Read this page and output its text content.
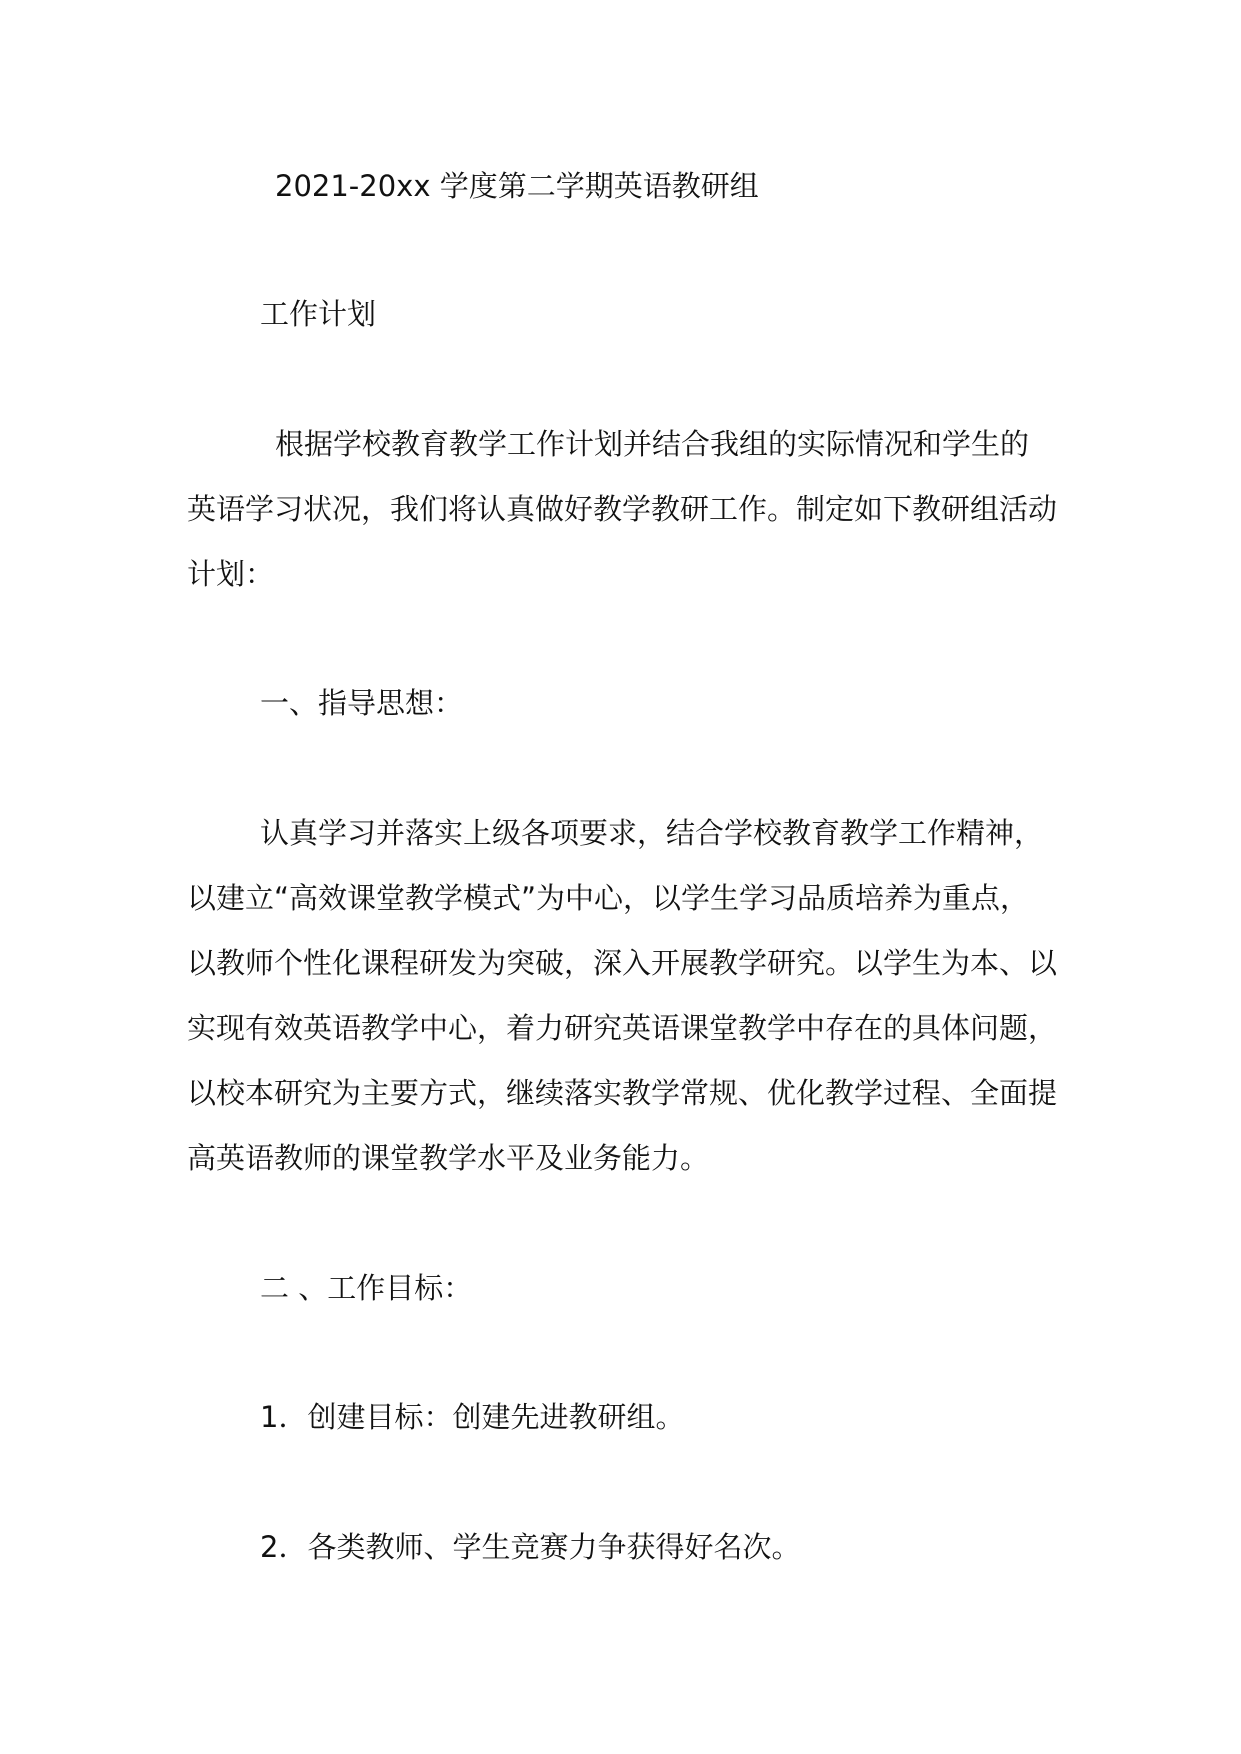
2021-20xx 学度第二学期英语教研组

工作计划

根据学校教育教学工作计划并结合我组的实际情况和学生的

英语学习状况，我们将认真做好教学教研工作。制定如下教研组活动

计划：

一、指导思想：

认真学习并落实上级各项要求，结合学校教育教学工作精神，

以建立“高效课堂教学模式”为中心，以学生学习品质培养为重点，

以教师个性化课程研发为突破，深入开展教学研究。以学生为本、以

实现有效英语教学中心，着力研究英语课堂教学中存在的具体问题，

以校本研究为主要方式，继续落实教学常规、优化教学过程、全面提

高英语教师的课堂教学水平及业务能力。

二 、工作目标：

1．创建目标：创建先进教研组。

2．各类教师、学生竞赛力争获得好名次。
